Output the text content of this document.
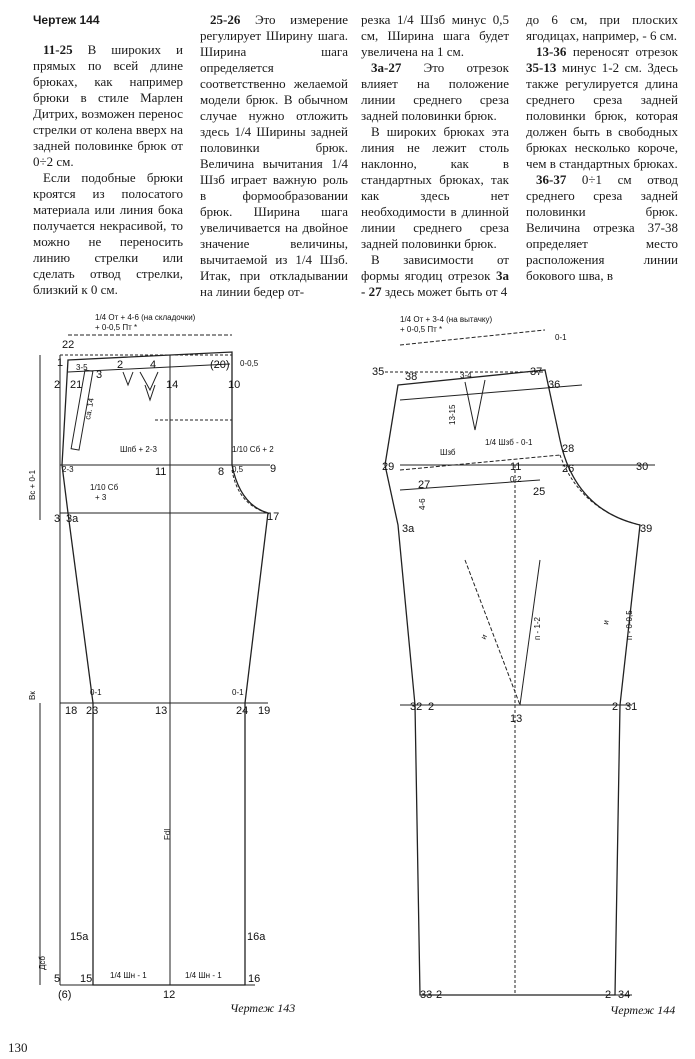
Чертеж 144

11-25 В широких и прямых по всей длине брюках, как например брюки в стиле Марлен Дитрих, возможен перенос стрелки от колена вверх на задней половинке брюк от 0÷2 см.

Если подобные брюки кроятся из полосатого материала или линия бока получается некрасивой, то можно не переносить линию стрелки или сделать отвод стрелки, близкий к 0 см.

25-26 Это измерение регулирует Ширину шага. Ширина шага определяется соответственно желаемой модели брюк. В обычном случае нужно отложить здесь 1/4 Ширины задней половинки брюк. Величина вычитания 1/4 Шзб играет важную роль в формообразовании брюк. Ширина шага увеличивается на двойное значение величины, вычитаемой из 1/4 Шзб. Итак, при откладывании на линии бедер от-

резка 1/4 Шзб минус 0,5 см, Ширина шага будет увеличена на 1 см.

3а-27 Это отрезок влияет на положение линии среднего среза задней половинки брюк.

В широких брюках эта линия не лежит столь наклонно, как в стандартных брюках, так как здесь нет необходимости в длинной линии среднего среза задней половинки брюк.

В зависимости от формы ягодиц отрезок 3а - 27 здесь может быть от 4

до 6 см, при плоских ягодицах, например, - 6 см.

13-36 переносят отрезок 35-13 минус 1-2 см. Здесь также регулируется длина среднего среза задней половинки брюк, которая должен быть в свободных брюках несколько короче, чем в стандартных брюках.

36-37 0÷1 см отвод среднего среза задней половинки брюк. Величина отрезка 37-38 определяет место расположения линии бокового шва, в

1/4 От + 4-6 (на складочки)
+ 0-0,5 Пт *
22
1 3-5	2 4	(20) 0-0,5
2 21
3
14	10
ca. 14
Шпб + 2-3	1/10 Сб + 2
2-3	11	8 0,5 9
1/10 Сб
+ 3
Вс + 0-1
3 3а	17
0-1	0-1
Вк
18 23	13	24 19
Fdl
15а	16а
Дсб
5 15 1/4 Шн - 1	1/4 Шн - 1 16
(6)	12
Чертеж 143
1/4 От + 3-4 (на вытачку)
+ 0-0,5 Пт *
0-1
38	3-4	37
36
35
13-15
1/4 Шзб - 0-1
28
Шзб
29	11	26	30
27	0-2
25
4-6
3а	39
и	п - 1-2	и п - 0-0,5
32 2
13
2 31
33 2	2 34
Чертеж 144
130
